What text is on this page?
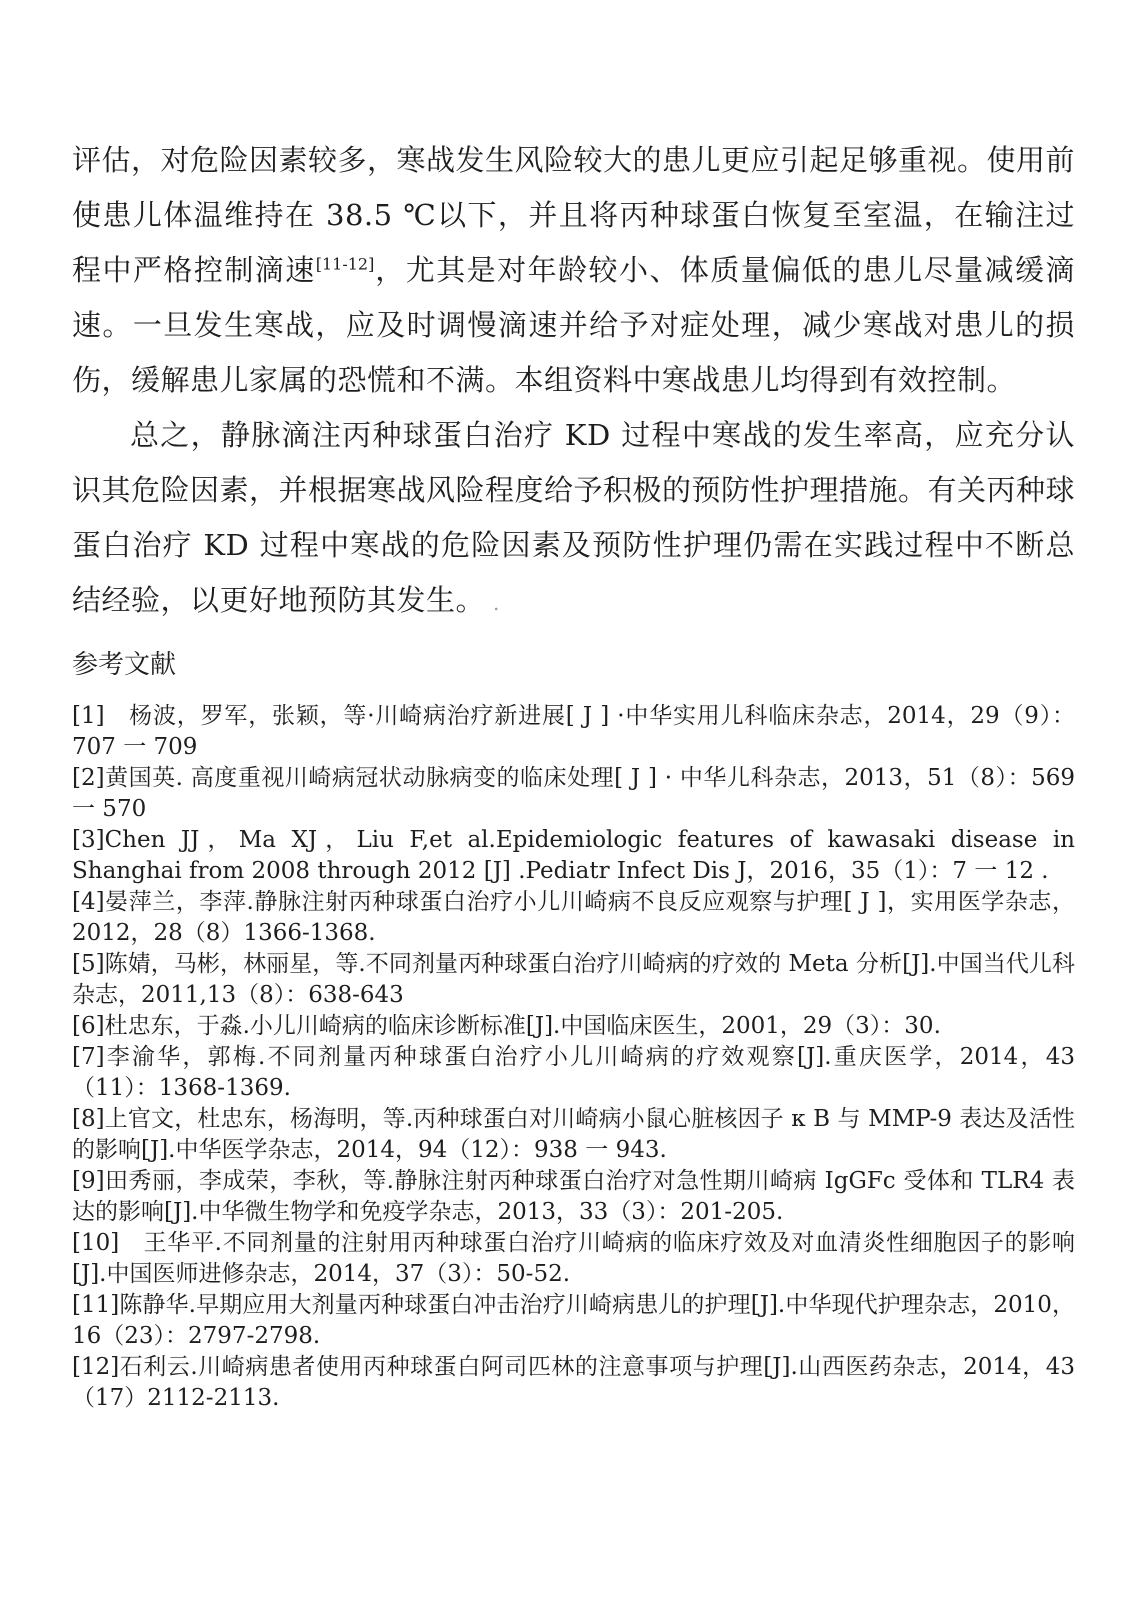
评估，对危险因素较多，寒战发生风险较大的患儿更应引起足够重视。使用前使患儿体温维持在 38.5 ℃以下，并且将丙种球蛋白恢复至室温，在输注过程中严格控制滴速[11-12]，尤其是对年龄较小、体质量偏低的患儿尽量减缓滴速。一旦发生寒战，应及时调慢滴速并给予对症处理，减少寒战对患儿的损伤，缓解患儿家属的恐慌和不满。本组资料中寒战患儿均得到有效控制。

总之，静脉滴注丙种球蛋白治疗 KD 过程中寒战的发生率高，应充分认识其危险因素，并根据寒战风险程度给予积极的预防性护理措施。有关丙种球蛋白治疗 KD 过程中寒战的危险因素及预防性护理仍需在实践过程中不断总结经验，以更好地预防其发生。 .

参考文献

[1]　杨波，罗军，张颖，等·川崎病治疗新进展[ J ] ·中华实用儿科临床杂志，2014，29（9）：707 一 709

[2]黄国英. 高度重视川崎病冠状动脉病变的临床处理[ J ] · 中华儿科杂志，2013，51（8）：569 一 570

[3]Chen JJ，Ma XJ，Liu F,et al.Epidemiologic features of kawasaki disease in Shanghai from 2008 through 2012 [J] .Pediatr Infect Dis J，2016，35（1）：7 一 12 .

[4]晏萍兰，李萍.静脉注射丙种球蛋白治疗小儿川崎病不良反应观察与护理[ J ]，实用医学杂志，2012，28（8）1366-1368.

[5]陈婧，马彬，林丽星，等.不同剂量丙种球蛋白治疗川崎病的疗效的 Meta 分析[J].中国当代儿科杂志，2011,13（8）：638-643

[6]杜忠东，于淼.小儿川崎病的临床诊断标准[J].中国临床医生，2001，29（3）：30.

[7]李渝华，郭梅.不同剂量丙种球蛋白治疗小儿川崎病的疗效观察[J].重庆医学，2014，43（11）：1368-1369.

[8]上官文，杜忠东，杨海明，等.丙种球蛋白对川崎病小鼠心脏核因子 κ B 与 MMP-9 表达及活性的影响[J].中华医学杂志，2014，94（12）：938 一 943.

[9]田秀丽，李成荣，李秋，等.静脉注射丙种球蛋白治疗对急性期川崎病 IgGFc 受体和 TLR4 表达的影响[J].中华微生物学和免疫学杂志，2013，33（3）：201-205.

[10]　王华平.不同剂量的注射用丙种球蛋白治疗川崎病的临床疗效及对血清炎性细胞因子的影响[J].中国医师进修杂志，2014，37（3）：50-52.

[11]陈静华.早期应用大剂量丙种球蛋白冲击治疗川崎病患儿的护理[J].中华现代护理杂志，2010，16（23）：2797-2798.

[12]石利云.川崎病患者使用丙种球蛋白阿司匹林的注意事项与护理[J].山西医药杂志，2014，43（17）2112-2113.
